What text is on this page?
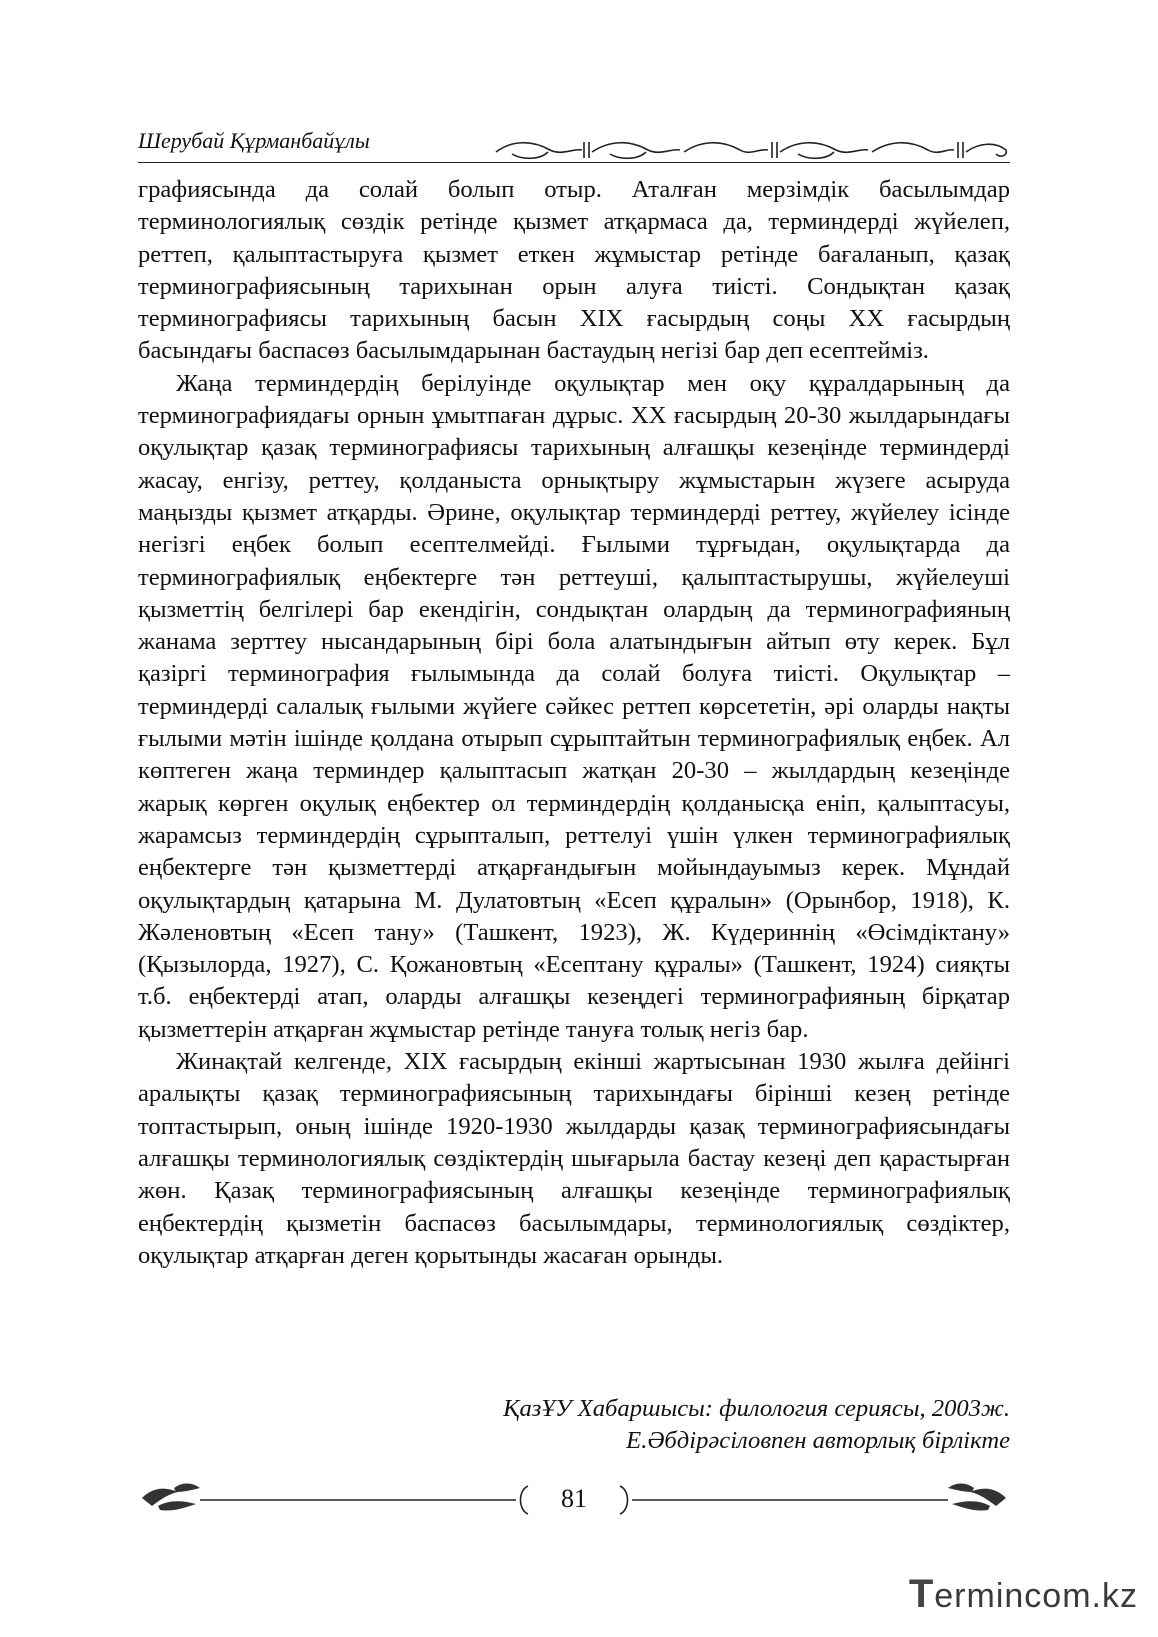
Шерубай Құрманбайұлы

графиясында да солай болып отыр. Аталған мерзімдік басылымдар терминологиялық сөздік ретінде қызмет атқармаса да, терминдерді жүйелеп, реттеп, қалыптастыруға қызмет еткен жұмыстар ретінде бағаланып, қазақ терминографиясының тарихынан орын алуға тиісті. Сондықтан қазақ терминографиясы тарихының басын XIX ғасырдың соңы XX ғасырдың басындағы баспасөз басылымдарынан бастаудың негізі бар деп есептейміз.

Жаңа терминдердің берілуінде оқулықтар мен оқу құралдарының да терминографиядағы орнын ұмытпаған дұрыс. XX ғасырдың 20-30 жылдарындағы оқулықтар қазақ терминографиясы тарихының алғашқы кезеңінде терминдерді жасау, енгізу, реттеу, қолданыста орнықтыру жұмыстарын жүзеге асыруда маңызды қызмет атқарды. Әрине, оқулықтар терминдерді реттеу, жүйелеу ісінде негізгі еңбек болып есептелмейді. Ғылыми тұрғыдан, оқулықтарда да терминографиялық еңбектерге тән реттеуші, қалыптастырушы, жүйелеуші қызметтің белгілері бар екендігін, сондықтан олардың да терминографияның жанама зерттеу нысандарының бірі бола алатындығын айтып өту керек. Бұл қазіргі терминография ғылымында да солай болуға тиісті. Оқулықтар – терминдерді салалық ғылыми жүйеге сәйкес реттеп көрсететін, әрі оларды нақты ғылыми мәтін ішінде қолдана отырып сұрыптайтын терминографиялық еңбек. Ал көптеген жаңа терминдер қалыптасып жатқан 20-30 – жылдардың кезеңінде жарық көрген оқулық еңбектер ол терминдердің қолданысқа еніп, қалыптасуы, жарамсыз терминдердің сұрыпталып, реттелуі үшін үлкен терминографиялық еңбектерге тән қызметтерді атқарғандығын мойындауымыз керек. Мұндай оқулықтардың қатарына М. Дулатовтың «Есеп құралын» (Орынбор, 1918), К. Жәленовтың «Есеп тану» (Ташкент, 1923), Ж. Күдериннің «Өсімдіктану» (Қызылорда, 1927), С. Қожановтың «Есептану құралы» (Ташкент, 1924) сияқты т.б. еңбектерді атап, оларды алғашқы кезеңдегі терминографияның бірқатар қызметтерін атқарған жұмыстар ретінде тануға толық негіз бар.

Жинақтай келгенде, XIX ғасырдың екінші жартысынан 1930 жылға дейінгі аралықты қазақ терминографиясының тарихындағы бірінші кезең ретінде топтастырып, оның ішінде 1920-1930 жылдарды қазақ терминографиясындағы алғашқы терминологиялық сөздіктердің шығарыла бастау кезеңі деп қарастырған жөн. Қазақ терминографиясының алғашқы кезеңінде терминографиялық еңбектердің қызметін баспасөз басылымдары, терминологиялық сөздіктер, оқулықтар атқарған деген қорытынды жасаған орынды.

ҚазҰУ Хабаршысы: филология сериясы, 2003ж.
Е.Әбдірәсіловпен авторлық бірлікте
81
Termincom.kz
